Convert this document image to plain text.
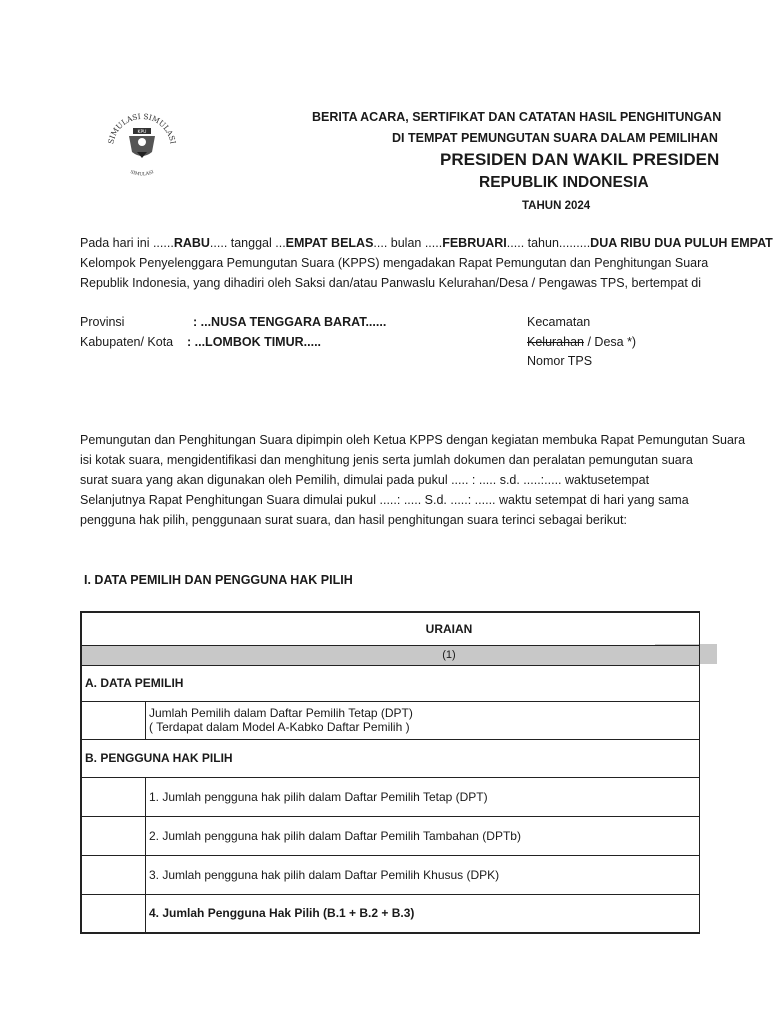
SIMULASI SIMULASI
SIMULASI
KPU
BERITA ACARA, SERTIFIKAT DAN CATATAN HASIL PENGHITUNGAN
DI TEMPAT PEMUNGUTAN SUARA DALAM PEMILIHAN
PRESIDEN DAN WAKIL PRESIDEN
REPUBLIK INDONESIA
TAHUN 2024
Pada hari ini ......RABU..... tanggal ...EMPAT BELAS.... bulan .....FEBRUARI..... tahun.........DUA RIBU DUA PULUH EMPAT
Kelompok Penyelenggara Pemungutan Suara (KPPS) mengadakan Rapat Pemungutan dan Penghitungan Suara
Republik Indonesia, yang dihadiri oleh Saksi dan/atau Panwaslu Kelurahan/Desa / Pengawas TPS, bertempat di
Provinsi	: ...NUSA TENGGARA BARAT......
Kabupaten/ Kota : ...LOMBOK TIMUR.....
Kecamatan
Kelurahan / Desa *)
Nomor TPS
Pemungutan dan Penghitungan Suara dipimpin oleh Ketua KPPS dengan kegiatan membuka Rapat Pemungutan Suara
isi kotak suara, mengidentifikasi dan menghitung jenis serta jumlah dokumen dan peralatan pemungutan suara
surat suara yang akan digunakan oleh Pemilih, dimulai pada pukul ..... : ..... s.d. .....:..... waktusetempat
Selanjutnya Rapat Penghitungan Suara dimulai pukul .....: ..... S.d. .....: ...... waktu setempat di hari yang sama
pengguna hak pilih, penggunaan surat suara, dan hasil penghitungan suara terinci sebagai berikut:
I. DATA PEMILIH DAN PENGGUNA HAK PILIH
URAIAN	
(1)	
A. DATA PEMILIH	

	Jumlah Pemilih dalam Daftar Pemilih Tetap (DPT)
( Terdapat dalam Model A-Kabko Daftar Pemilih )

B. PENGGUNA HAK PILIH	
	1. Jumlah pengguna hak pilih dalam Daftar Pemilih Tetap (DPT)
	2. Jumlah pengguna hak pilih dalam Daftar Pemilih Tambahan (DPTb)
	3. Jumlah pengguna hak pilih dalam Daftar Pemilih Khusus (DPK)
	4. Jumlah Pengguna Hak Pilih (B.1 + B.2 + B.3)
